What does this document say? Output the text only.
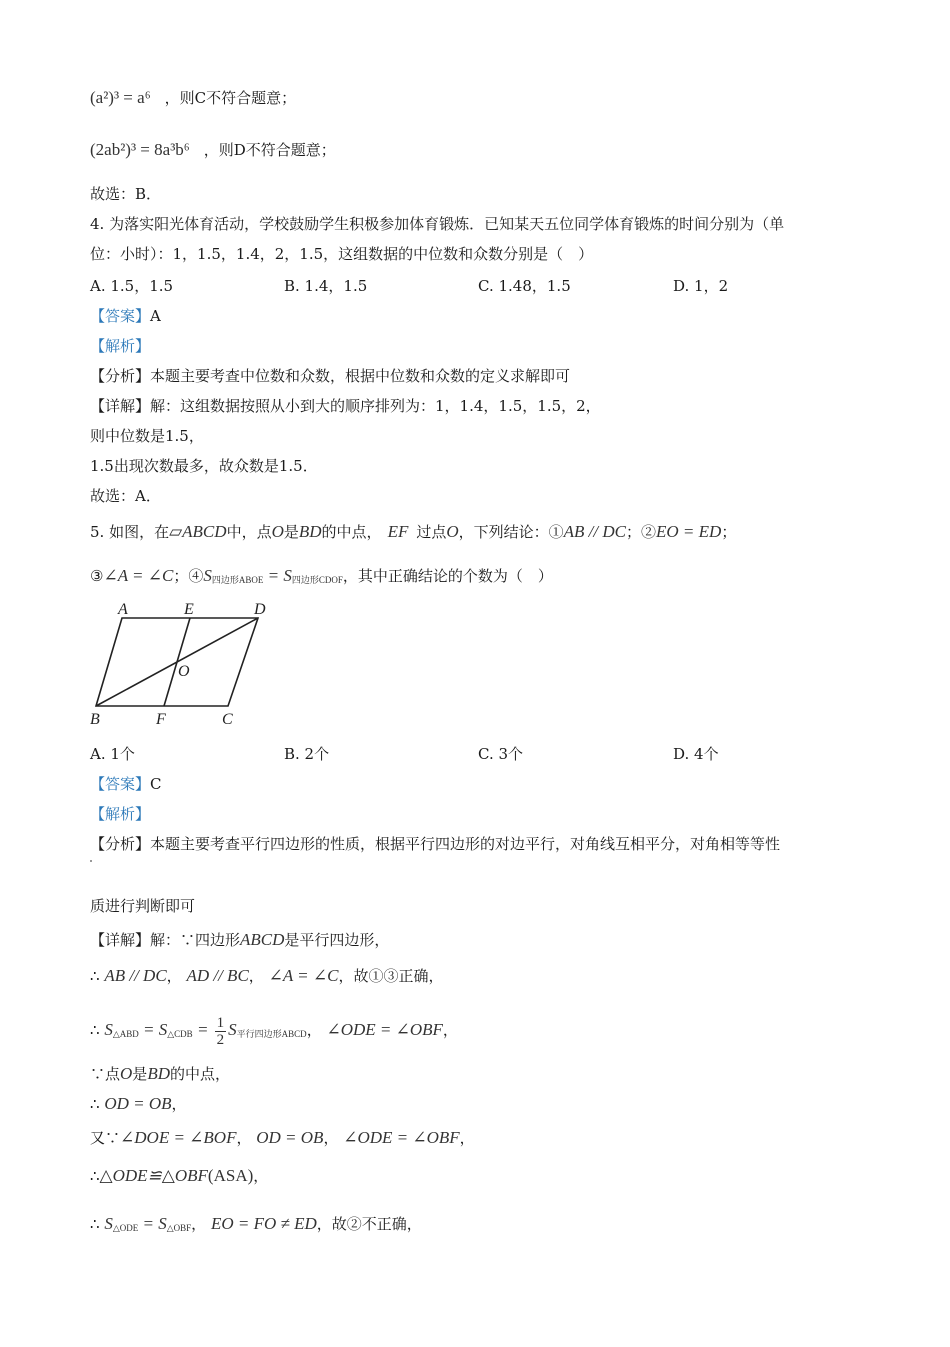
(a²)³ = a⁶ ，则C不符合题意；
(2ab²)³ = 8a³b⁶ ，则D不符合题意；
故选：B．
4. 为落实阳光体育活动，学校鼓励学生积极参加体育锻炼．已知某天五位同学体育锻炼的时间分别为（单
位：小时）：1，1.5，1.4，2，1.5，这组数据的中位数和众数分别是（　）
A. 1.5，1.5	B. 1.4，1.5	C. 1.48，1.5	D. 1，2
【答案】A
【解析】
【分析】本题主要考查中位数和众数，根据中位数和众数的定义求解即可
【详解】解：这组数据按照从小到大的顺序排列为：1，1.4，1.5，1.5，2，
则中位数是1.5，
1.5出现次数最多，故众数是1.5．
故选：A．
5. 如图，在▱ABCD中，点O是BD的中点， EF 过点O，下列结论：①AB // DC；②EO = ED；
③∠A = ∠C；$④S_{四边形ABOE} = S_{四边形CDOF}$，其中正确结论的个数为（　）
A	E	D
O
B	F	C
A. 1个	B. 2个	C. 3个	D. 4个
【答案】C
【解析】
【分析】本题主要考查平行四边形的性质，根据平行四边形的对边平行，对角线互相平分，对角相等等性
质进行判断即可
【详解】解：∵四边形ABCD是平行四边形，
∴ AB // DC， AD // BC， ∠A = ∠C，故①③正确，
∴ $S_{\triangle ABD} = S_{\triangle CDB} = \frac{1}{2} S_{平行四边形ABCD}$， ∠ODE = ∠OBF，
∵点O是BD的中点，
∴ OD = OB，
又∵∠DOE = ∠BOF， OD = OB， ∠ODE = ∠OBF，
∴△ODE≌△OBF(ASA)，
∴ $S_{\triangle ODE} = S_{\triangle OBF}$， EO = FO ≠ ED，故②不正确，
